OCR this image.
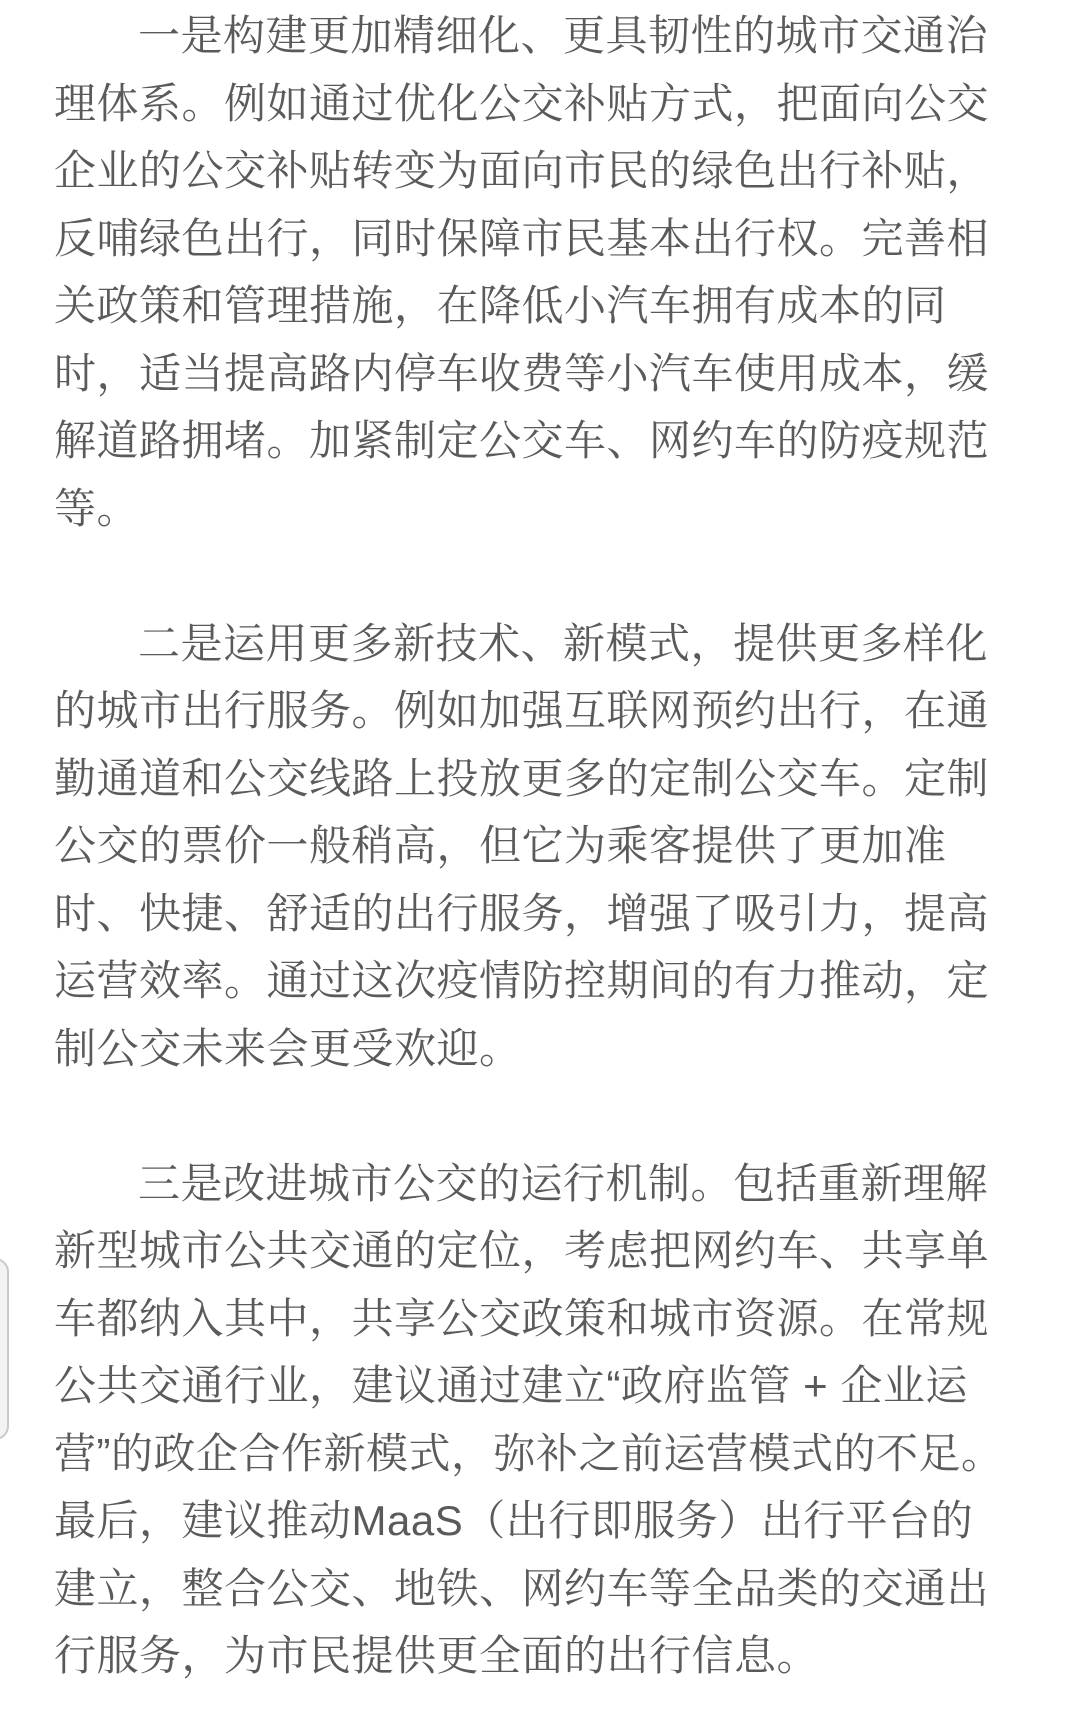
一是构建更加精细化、更具韧性的城市交通治
理体系。例如通过优化公交补贴方式，把面向公交
企业的公交补贴转变为面向市民的绿色出行补贴，
反哺绿色出行，同时保障市民基本出行权。完善相
关政策和管理措施，在降低小汽车拥有成本的同
时，适当提高路内停车收费等小汽车使用成本，缓
解道路拥堵。加紧制定公交车、网约车的防疫规范
等。
二是运用更多新技术、新模式，提供更多样化
的城市出行服务。例如加强互联网预约出行，在通
勤通道和公交线路上投放更多的定制公交车。定制
公交的票价一般稍高，但它为乘客提供了更加准
时、快捷、舒适的出行服务，增强了吸引力，提高
运营效率。通过这次疫情防控期间的有力推动，定
制公交未来会更受欢迎。
三是改进城市公交的运行机制。包括重新理解
新型城市公共交通的定位，考虑把网约车、共享单
车都纳入其中，共享公交政策和城市资源。在常规
公共交通行业，建议通过建立“政府监管 + 企业运
营”的政企合作新模式，弥补之前运营模式的不足。
最后，建议推动MaaS（出行即服务）出行平台的
建立，整合公交、地铁、网约车等全品类的交通出
行服务，为市民提供更全面的出行信息。
